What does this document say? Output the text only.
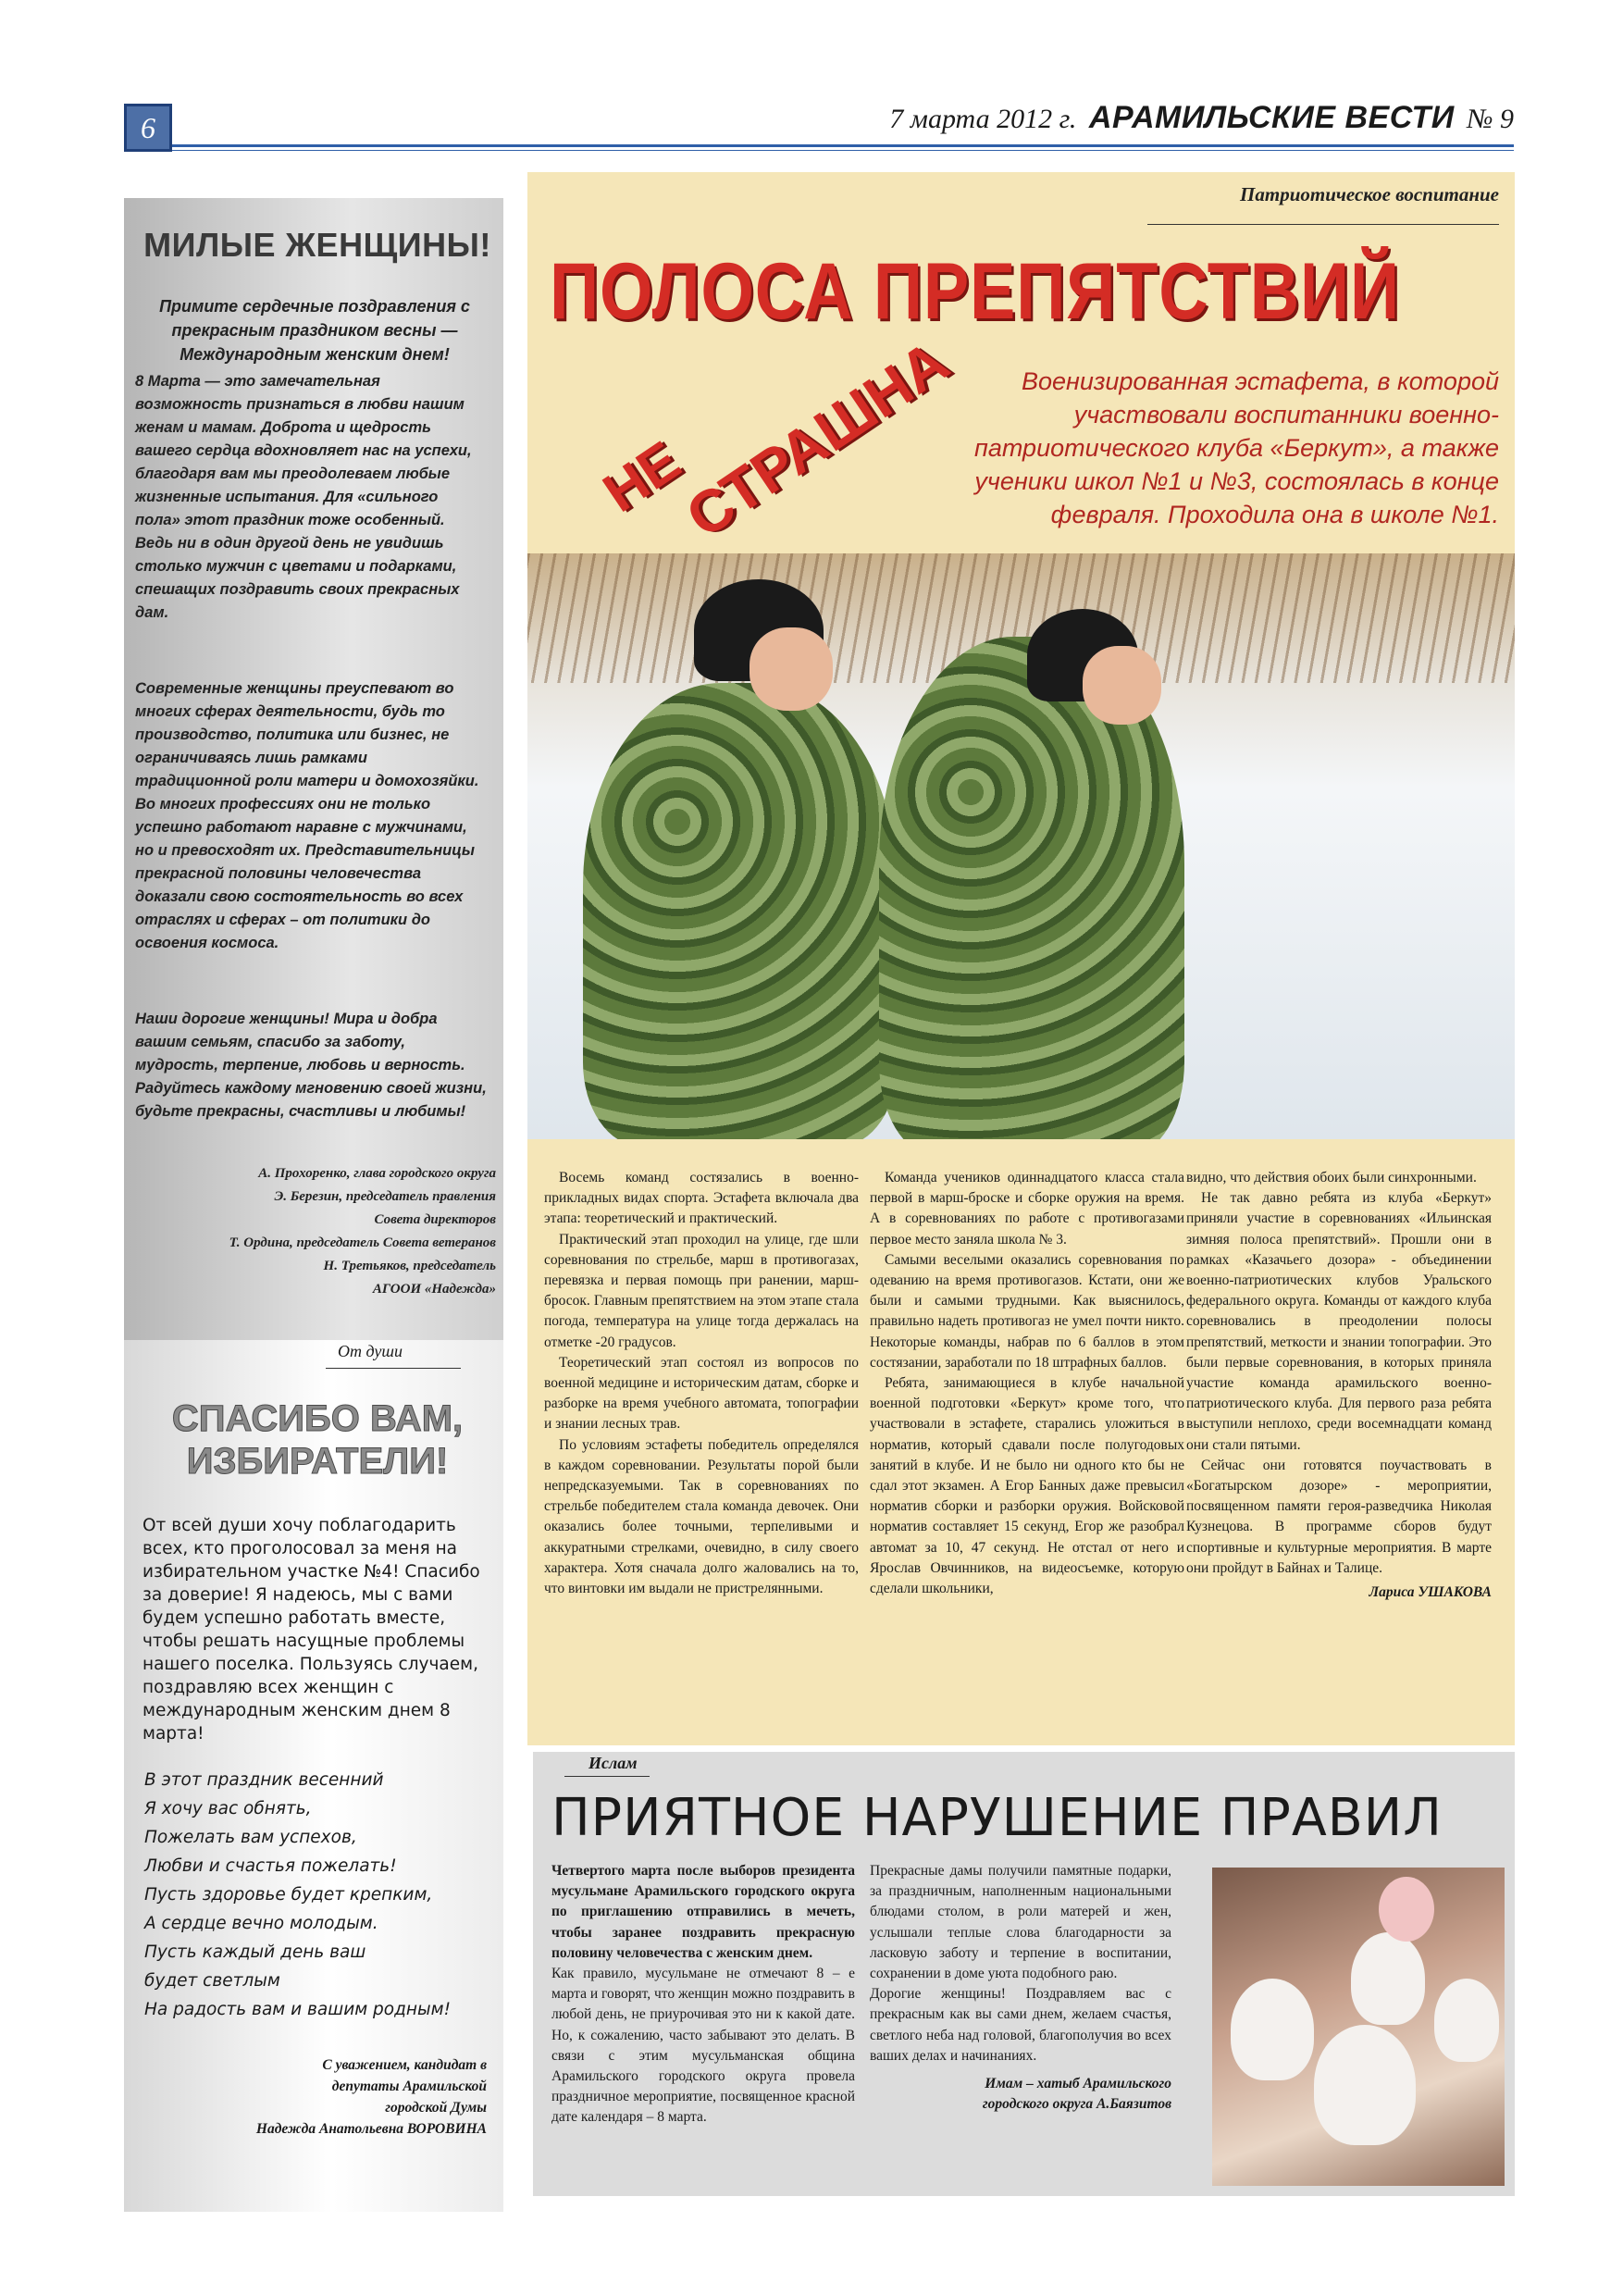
6	7 марта 2012 г. АРАМИЛЬСКИЕ ВЕСТИ № 9
МИЛЫЕ ЖЕНЩИНЫ!
Примите сердечные поздравления с прекрасным праздником весны — Международным женским днем!
8 Марта — это замечательная возможность признаться в любви нашим женам и мамам. Доброта и щедрость вашего сердца вдохновляет нас на успехи, благодаря вам мы преодолеваем любые жизненные испытания. Для «сильного пола» этот праздник тоже особенный. Ведь ни в один другой день не увидишь столько мужчин с цветами и подарками, спешащих поздравить своих прекрасных дам.
Современные женщины преуспевают во многих сферах деятельности, будь то производство, политика или бизнес, не ограничиваясь лишь рамками традиционной роли матери и домохозяйки. Во многих профессиях они не только успешно работают наравне с мужчинами, но и превосходят их. Представительницы прекрасной половины человечества доказали свою состоятельность во всех отраслях и сферах – от политики до освоения космоса.
Наши дорогие женщины! Мира и добра вашим семьям, спасибо за заботу, мудрость, терпение, любовь и верность. Радуйтесь каждому мгновению своей жизни, будьте прекрасны, счастливы и любимы!
А. Прохоренко, глава городского округа
Э. Березин, председатель правления
Совета директоров
Т. Ордина, председатель Совета ветеранов
Н. Третьяков, председатель
АГООИ «Надежда»
От души
СПАСИБО ВАМ,
ИЗБИРАТЕЛИ!
От всей души хочу поблагодарить всех, кто проголосовал за меня на избирательном участке №4! Спасибо за доверие! Я надеюсь, мы с вами будем успешно работать вместе, чтобы решать насущные проблемы нашего поселка. Пользуясь случаем, поздравляю всех женщин с международным женским днем 8 марта!
В этот праздник весенний
Я хочу вас обнять,
Пожелать вам успехов,
Любви и счастья пожелать!
Пусть здоровье будет крепким,
А сердце вечно молодым.
Пусть каждый день ваш
будет светлым
На радость вам и вашим родным!
С уважением, кандидат в
депутаты Арамильской
городской Думы
Надежда Анатольевна ВОРОВИНА
Патриотическое воспитание
ПОЛОСА ПРЕПЯТСТВИЙ
НЕ
СТРАШНА	Военизированная эстафета, в которой участвовали воспитанники военно-патриотического клуба «Беркут», а также ученики школ №1 и №3, состоялась в конце февраля. Проходила она в школе №1.

Восемь команд состязались в военно-прикладных видах спорта. Эстафета включала два этапа: теоретический и практический.

Практический этап проходил на улице, где шли соревнования по стрельбе, марш в противогазах, перевязка и первая помощь при ранении, марш-бросок. Главным препятствием на этом этапе стала погода, температура на улице тогда держалась на отметке -20 градусов.

Теоретический этап состоял из вопросов по военной медицине и историческим датам, сборке и разборке на время учебного автомата, топографии и знании лесных трав.

По условиям эстафеты победитель определялся в каждом соревновании. Результаты порой были непредсказуемыми. Так в соревнованиях по стрельбе победителем стала команда девочек. Они оказались более точными, терпеливыми и аккуратными стрелками, очевидно, в силу своего характера. Хотя сначала долго жаловались на то, что винтовки им выдали не пристрелянными.

Команда учеников одиннадцатого класса стала первой в марш-броске и сборке оружия на время. А в соревнованиях по работе с противогазами первое место заняла школа № 3.

Самыми веселыми оказались соревнования по одеванию на время противогазов. Кстати, они же были и самыми трудными. Как выяснилось, правильно надеть противогаз не умел почти никто. Некоторые команды, набрав по 6 баллов в этом состязании, заработали по 18 штрафных баллов.

Ребята, занимающиеся в клубе начальной военной подготовки «Беркут» кроме того, что участвовали в эстафете, старались уложиться в норматив, который сдавали после полугодовых занятий в клубе. И не было ни одного кто бы не сдал этот экзамен. А Егор Банных даже превысил норматив сборки и разборки оружия. Войсковой норматив составляет 15 секунд, Егор же разобрал автомат за 10, 47 секунд. Не отстал от него и Ярослав Овчинников, на видеосъемке, которую сделали школьники,

видно, что действия обоих были синхронными.

Не так давно ребята из клуба «Беркут» приняли участие в соревнованиях «Ильинская зимняя полоса препятствий». Прошли они в рамках «Казачьего дозора» - объединении военно-патриотических клубов Уральского федерального округа. Команды от каждого клуба соревновались в преодолении полосы препятствий, меткости и знании топографии. Это были первые соревнования, в которых приняла участие команда арамильского военно-патриотического клуба. Для первого раза ребята выступили неплохо, среди восемнадцати команд они стали пятыми.

Сейчас они готовятся поучаствовать в «Богатырском дозоре» - мероприятии, посвященном памяти героя-разведчика Николая Кузнецова. В программе сборов будут спортивные и культурные мероприятия. В марте они пройдут в Байнах и Талице.

Лариса УШАКОВА

Ислам
ПРИЯТНОЕ НАРУШЕНИЕ ПРАВИЛ

Четвертого марта после выборов президента мусульмане Арамильского городского округа по приглашению отправились в мечеть, чтобы заранее поздравить прекрасную половину человечества с женским днем.

Как правило, мусульмане не отмечают 8 – е марта и говорят, что женщин можно поздравить в любой день, не приурочивая это ни к какой дате. Но, к сожалению, часто забывают это делать. В связи с этим мусульманская община Арамильского городского округа провела праздничное мероприятие, посвященное красной дате календаря – 8 марта.

Прекрасные дамы получили памятные подарки, за праздничным, наполненным национальными блюдами столом, в роли матерей и жен, услышали теплые слова благодарности за ласковую заботу и терпение в воспитании, сохранении в доме уюта подобного раю.

Дорогие женщины! Поздравляем вас с прекрасным как вы сами днем, желаем счастья, светлого неба над головой, благополучия во всех ваших делах и начинаниях.

Имам – хатыб Арамильского
городского округа А.Баязитов
